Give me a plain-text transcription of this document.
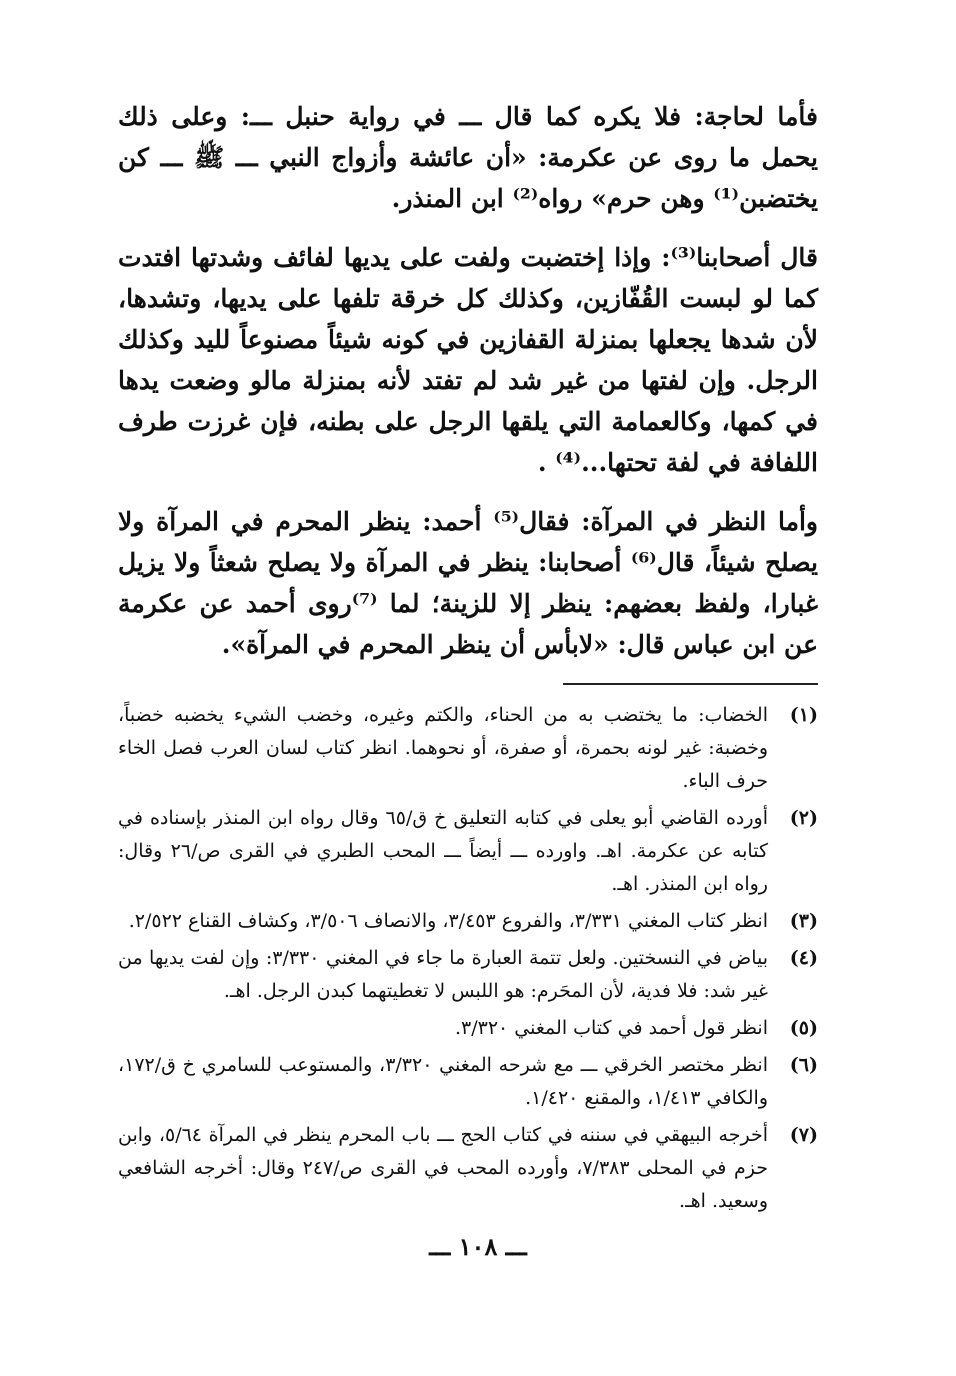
فأما لحاجة: فلا يكره كما قال ـــ في رواية حنبل ـــ: وعلى ذلك يحمل ما روى عن عكرمة: «أن عائشة وأزواج النبي ـــ ﷺ ـــ كن يختضبن⁽¹⁾ وهن حرم» رواه⁽²⁾ ابن المنذر.

قال أصحابنا⁽³⁾: وإذا إختضبت ولفت على يديها لفائف وشدتها افتدت كما لو لبست القُفّازين، وكذلك كل خرقة تلفها على يديها، وتشدها، لأن شدها يجعلها بمنزلة القفازين في كونه شيئاً مصنوعاً لليد وكذلك الرجل. وإن لفتها من غير شد لم تفتد لأنه بمنزلة مالو وضعت يدها في كمها، وكالعمامة التي يلقها الرجل على بطنه، فإن غرزت طرف اللفافة في لفة تحتها...⁽⁴⁾ .

وأما النظر في المرآة: فقال⁽⁵⁾ أحمد: ينظر المحرم في المرآة ولا يصلح شيئاً، قال⁽⁶⁾ أصحابنا: ينظر في المرآة ولا يصلح شعثاً ولا يزيل غبارا، ولفظ بعضهم: ينظر إلا للزينة؛ لما ⁽⁷⁾روى أحمد عن عكرمة عن ابن عباس قال: «لابأس أن ينظر المحرم في المرآة».

(١)
الخضاب: ما يختضب به من الحناء، والكتم وغيره، وخضب الشيء يخضبه خضباً، وخضبة: غير لونه بحمرة، أو صفرة، أو نحوهما. انظر كتاب لسان العرب فصل الخاء حرف الباء.
(٢)
أورده القاضي أبو يعلى في كتابه التعليق خ ق/٦٥ وقال رواه ابن المنذر بإسناده في كتابه عن عكرمة. اهـ. واورده ـــ أيضاً ـــ المحب الطبري في القرى ص/٢٦ وقال: رواه ابن المنذر. اهـ.
(٣)
انظر كتاب المغني ٣/٣٣١، والفروع ٣/٤٥٣، والانصاف ٣/٥٠٦، وكشاف القناع ٢/٥٢٢.
(٤)
بياض في النسختين. ولعل تتمة العبارة ما جاء في المغني ٣/٣٣٠: وإن لفت يديها من غير شد: فلا فدية، لأن المحَرم: هو اللبس لا تغطيتهما كبدن الرجل. اهـ.
(٥)
انظر قول أحمد في كتاب المغني ٣/٣٢٠.
(٦)
انظر مختصر الخرقي ـــ مع شرحه المغني ٣/٣٢٠، والمستوعب للسامري خ ق/١٧٢، والكافي ١/٤١٣، والمقنع ١/٤٢٠.
(٧)
أخرجه البيهقي في سننه في كتاب الحج ـــ باب المحرم ينظر في المرآة ٥/٦٤، وابن حزم في المحلى ٧/٣٨٣، وأورده المحب في القرى ص/٢٤٧ وقال: أخرجه الشافعي وسعيد. اهـ.
ـــ ١٠٨ ـــ
